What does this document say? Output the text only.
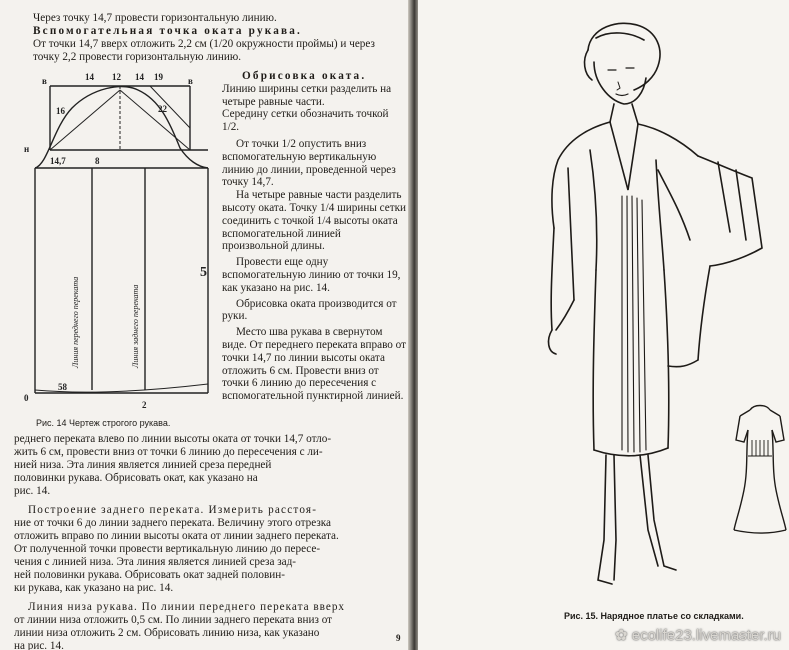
Через точку 14,7 провести горизонтальную линию.
Вспомогательная точка оката рукава.
От точки 14,7 вверх отложить 2,2 см (1/20 окружности проймы) и через точку 2,2 провести горизонтальную линию.
в	в
14 12 14 19
16	22
14,7	8
0
58
2
5
н
Линия переднего переката	Линия заднего переката
Рис. 14 Чертеж строгого рукава.
Обрисовка оката.
Линию ширины сетки разделить на четыре равные части.
Середину сетки обозначить точкой 1/2.
От точки 1/2 опустить вниз вспомогательную вертикальную линию до линии, проведенной через точку 14,7.
На четыре равные части разделить высоту оката. Точку 1/4 ширины сетки соединить с точкой 1/4 высоты оката вспомогательной линией произвольной длины.
Провести еще одну вспомогательную линию от точки 19, как указано на рис. 14.
Обрисовка оката производится от руки.
Место шва рукава в свернутом виде. От переднего переката вправо от точки 14,7 по линии высоты оката отложить 6 см. Провести вниз от точки 6 линию до пересечения с вспомогательной пунктирной линией.
реднего переката влево по линии высоты оката от точки 14,7 отло-
жить 6 см, провести вниз от точки 6 линию до пересечения с ли-
нией низа. Эта линия является линией среза передней
половинки рукава. Обрисовать окат, как указано на
рис. 14.
Построение заднего переката. Измерить расстоя-
ние от точки 6 до линии заднего переката. Величину этого отрезка
отложить вправо по линии высоты оката от линии заднего переката.
От полученной точки провести вертикальную линию до пересе-
чения с линией низа. Эта линия является линией среза зад-
ней половинки рукава. Обрисовать окат задней половин-
ки рукава, как указано на рис. 14.
Линия низа рукава. По линии переднего переката вверх
от линии низа отложить 0,5 см. По линии заднего переката вниз от
линии низа отложить 2 см. Обрисовать линию низа, как указано
на рис. 14.
9
Рис. 15. Нарядное платье со складками.
✿ ecolife23.livemaster.ru
